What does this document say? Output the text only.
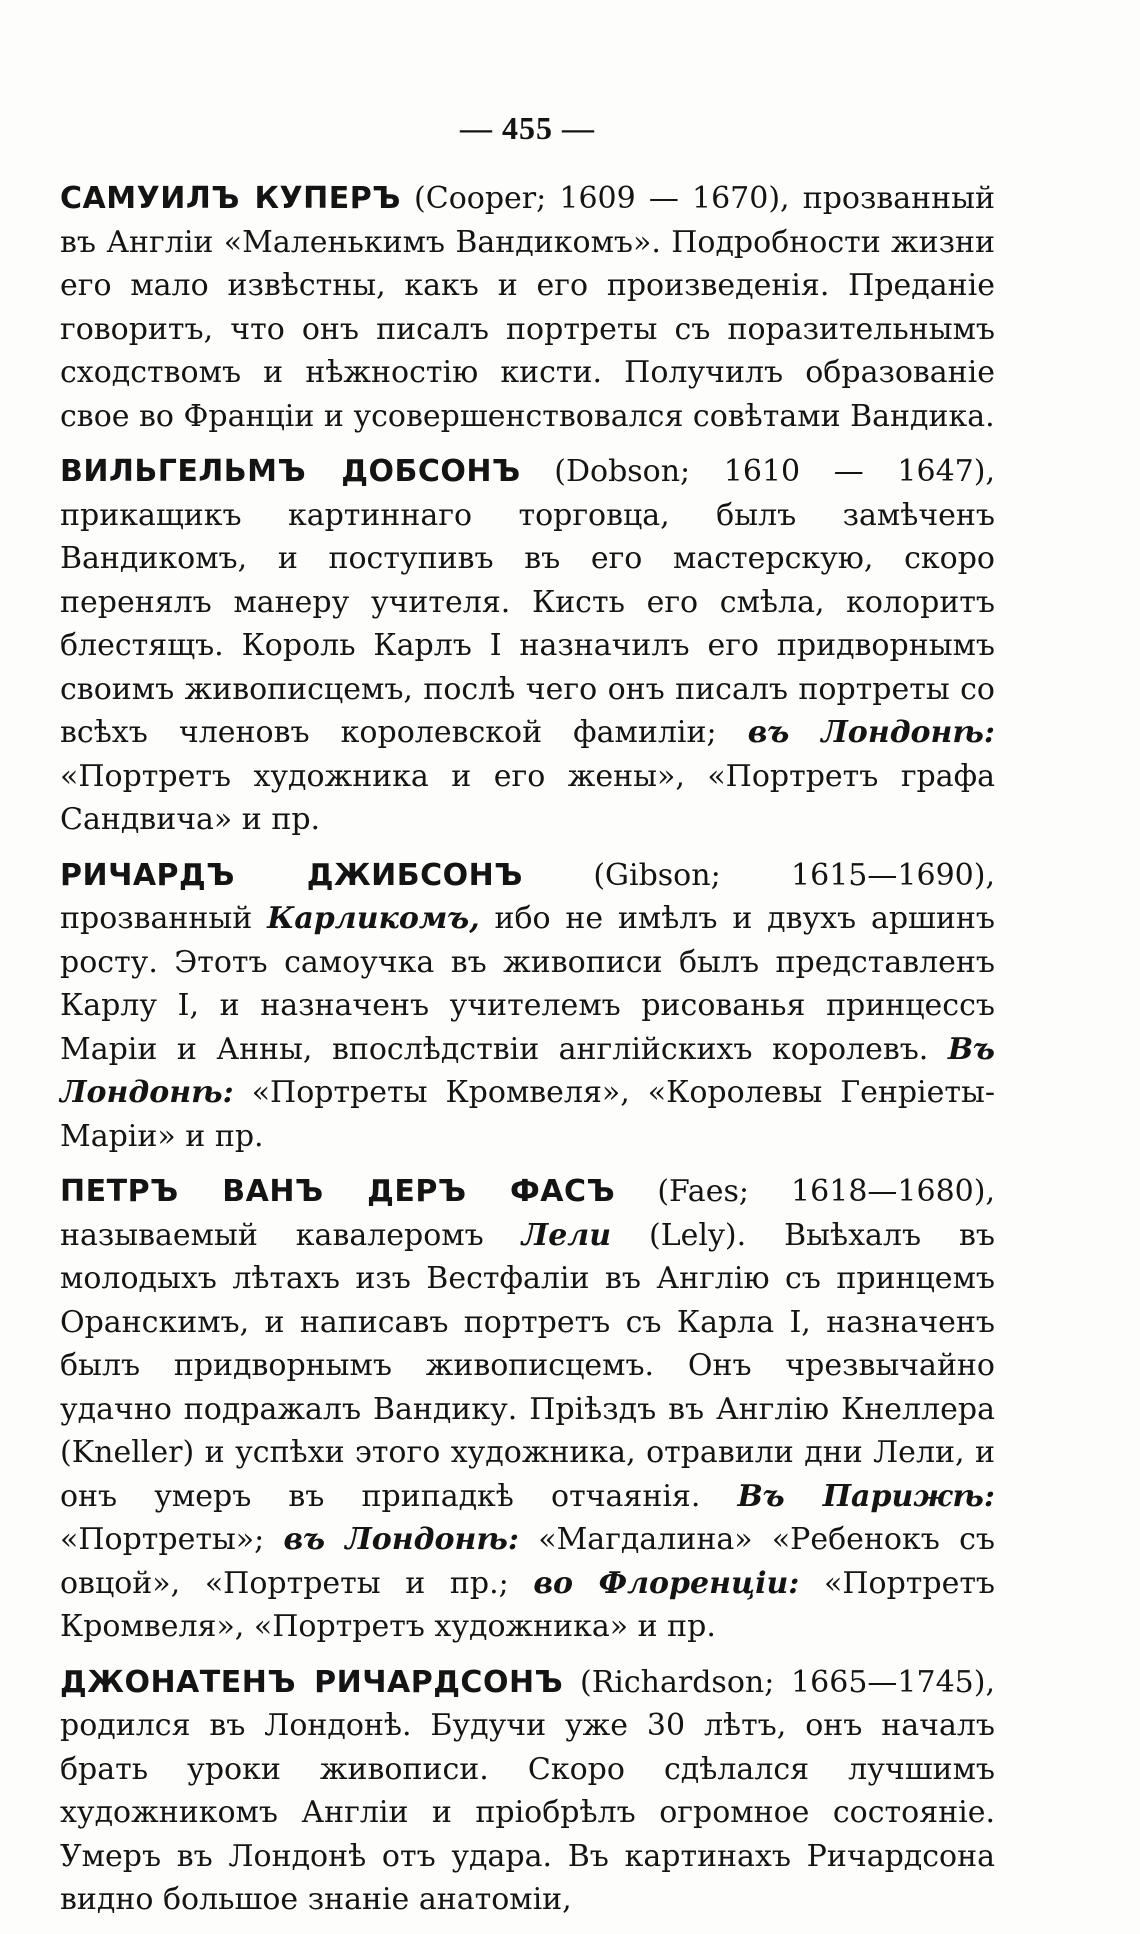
— 455 —

САМУИЛЪ КУПЕРЪ (Cooper; 1609 — 1670), прозванный въ Англіи «Маленькимъ Вандикомъ». Подробности жизни его мало извѣстны, какъ и его произведенія. Преданіе говоритъ, что онъ писалъ портреты съ поразительнымъ сходствомъ и нѣжностію кисти. Получилъ образованіе свое во Франціи и усовершенствовался совѣтами Вандика.

ВИЛЬГЕЛЬМЪ ДОБСОНЪ (Dobson; 1610 — 1647), прикащикъ картиннаго торговца, былъ замѣченъ Вандикомъ, и поступивъ въ его мастерскую, скоро перенялъ манеру учителя. Кисть его смѣла, колоритъ блестящъ. Король Карлъ I назначилъ его придворнымъ своимъ живописцемъ, послѣ чего онъ писалъ портреты со всѣхъ членовъ королевской фамиліи; въ Лондонѣ: «Портретъ художника и его жены», «Портретъ графа Сандвича» и пр.

РИЧАРДЪ ДЖИБСОНЪ (Gibson; 1615—1690), прозванный Карликомъ, ибо не имѣлъ и двухъ аршинъ росту. Этотъ самоучка въ живописи былъ представленъ Карлу I, и назначенъ учителемъ рисованья принцессъ Маріи и Анны, впослѣдствіи англійскихъ королевъ. Въ Лондонѣ: «Портреты Кромвеля», «Королевы Генріеты-Маріи» и пр.

ПЕТРЪ ВАНЪ ДЕРЪ ФАСЪ (Faes; 1618—1680), называемый кавалеромъ Лели (Lely). Выѣхалъ въ молодыхъ лѣтахъ изъ Вестфаліи въ Англію съ принцемъ Оранскимъ, и написавъ портретъ съ Карла I, назначенъ былъ придворнымъ живописцемъ. Онъ чрезвычайно удачно подражалъ Вандику. Пріѣздъ въ Англію Кнеллера (Kneller) и успѣхи этого художника, отравили дни Лели, и онъ умеръ въ припадкѣ отчаянія. Въ Парижѣ: «Портреты»; въ Лондонѣ: «Магдалина» «Ребенокъ съ овцой», «Портреты и пр.; во Флоренціи: «Портретъ Кромвеля», «Портретъ художника» и пр.

ДЖОНАТЕНЪ РИЧАРДСОНЪ (Richardson; 1665—1745), родился въ Лондонѣ. Будучи уже 30 лѣтъ, онъ началъ брать уроки живописи. Скоро сдѣлался лучшимъ художникомъ Англіи и пріобрѣлъ огромное состояніе. Умеръ въ Лондонѣ отъ удара. Въ картинахъ Ричардсона видно большое знаніе анатоміи,
